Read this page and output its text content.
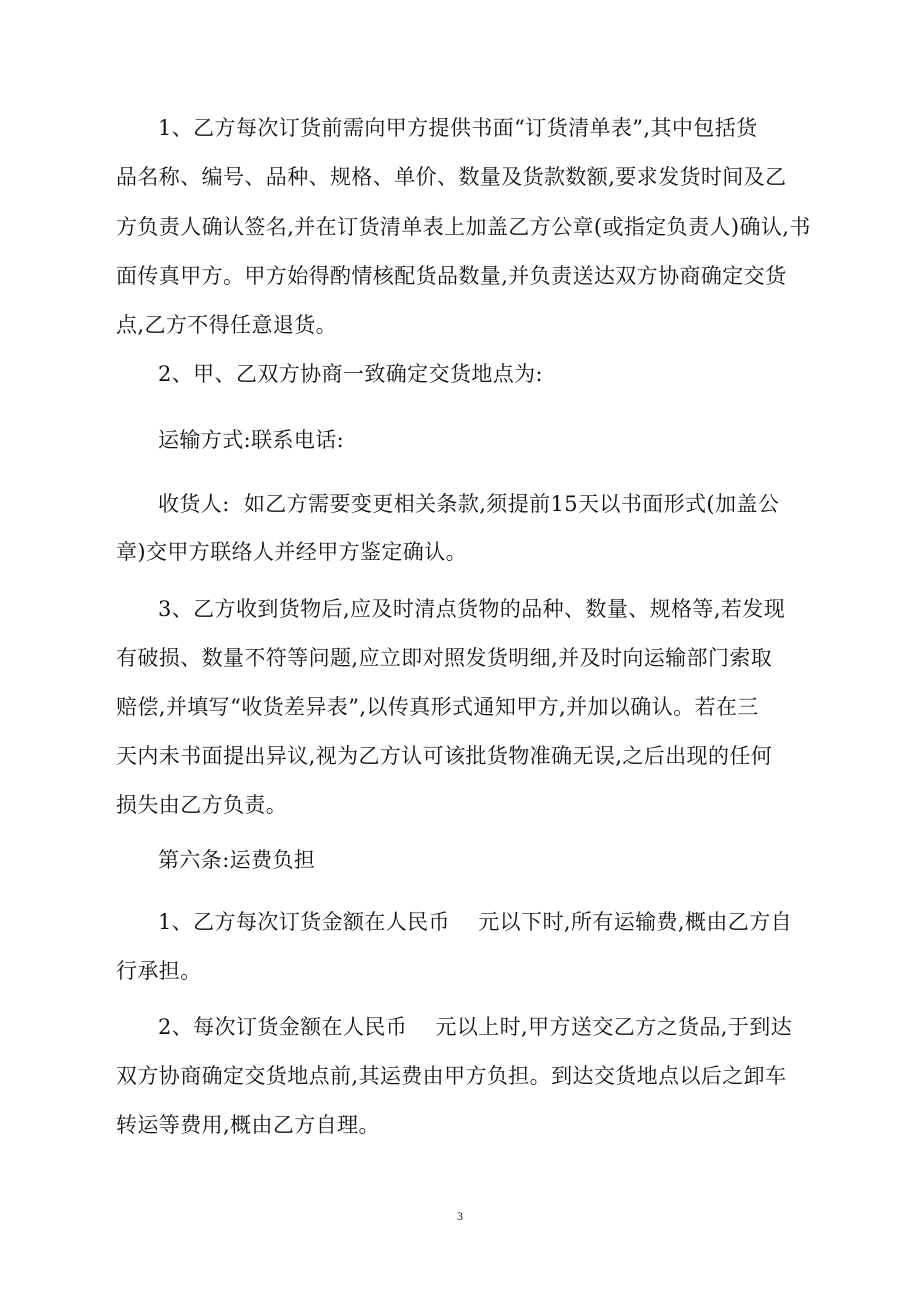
1、乙方每次订货前需向甲方提供书面“订货清单表”,其中包括货
品名称、编号、品种、规格、单价、数量及货款数额,要求发货时间及乙
方负责人确认签名,并在订货清单表上加盖乙方公章(或指定负责人)确认,书
面传真甲方。甲方始得酌情核配货品数量,并负责送达双方协商确定交货
点,乙方不得任意退货。
2、甲、乙双方协商一致确定交货地点为:
运输方式:联系电话:
收货人:  如乙方需要变更相关条款,须提前15天以书面形式(加盖公
章)交甲方联络人并经甲方鉴定确认。
3、乙方收到货物后,应及时清点货物的品种、数量、规格等,若发现
有破损、数量不符等问题,应立即对照发货明细,并及时向运输部门索取
赔偿,并填写“收货差异表”,以传真形式通知甲方,并加以确认。若在三
天内未书面提出异议,视为乙方认可该批货物准确无误,之后出现的任何
损失由乙方负责。
第六条:运费负担
1、乙方每次订货金额在人民币    元以下时,所有运输费,概由乙方自
行承担。
2、每次订货金额在人民币    元以上时,甲方送交乙方之货品,于到达
双方协商确定交货地点前,其运费由甲方负担。到达交货地点以后之卸车
转运等费用,概由乙方自理。
3
